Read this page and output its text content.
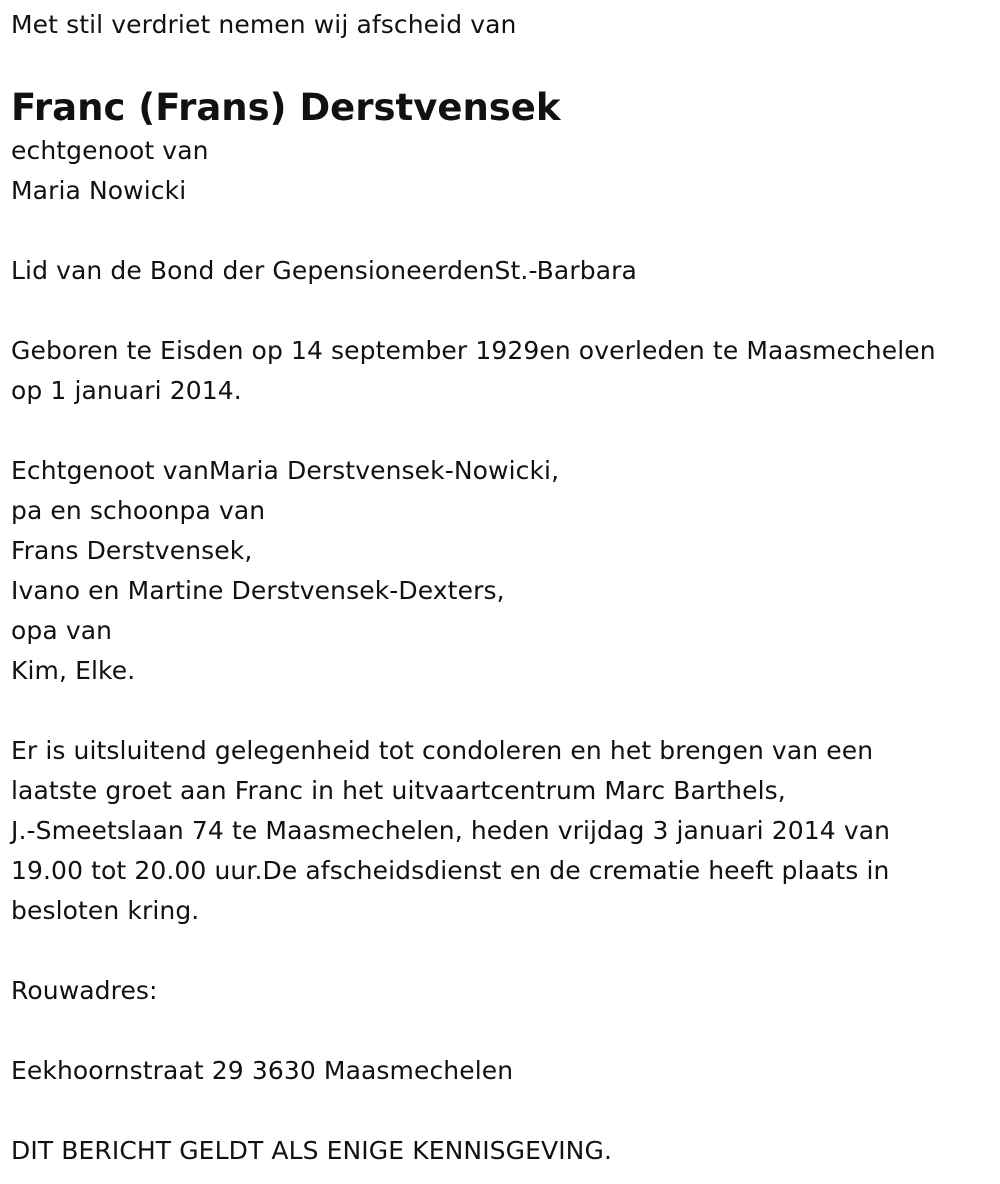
Met stil verdriet nemen wij afscheid van
Franc (Frans) Derstvensek
echtgenoot van
Maria Nowicki
Lid van de Bond der GepensioneerdenSt.-Barbara
Geboren te Eisden op 14 september 1929en overleden te Maasmechelen
op 1 januari 2014.
Echtgenoot vanMaria Derstvensek-Nowicki,
pa en schoonpa van
Frans Derstvensek,
Ivano en Martine Derstvensek-Dexters,
opa van
Kim, Elke.
Er is uitsluitend gelegenheid tot condoleren en het brengen van een
laatste groet aan Franc in het uitvaartcentrum Marc Barthels,
J.-Smeetslaan 74 te Maasmechelen, heden vrijdag 3 januari 2014 van
19.00 tot 20.00 uur.De afscheidsdienst en de crematie heeft plaats in
besloten kring.
Rouwadres:
Eekhoornstraat 29 3630 Maasmechelen
DIT BERICHT GELDT ALS ENIGE KENNISGEVING.
